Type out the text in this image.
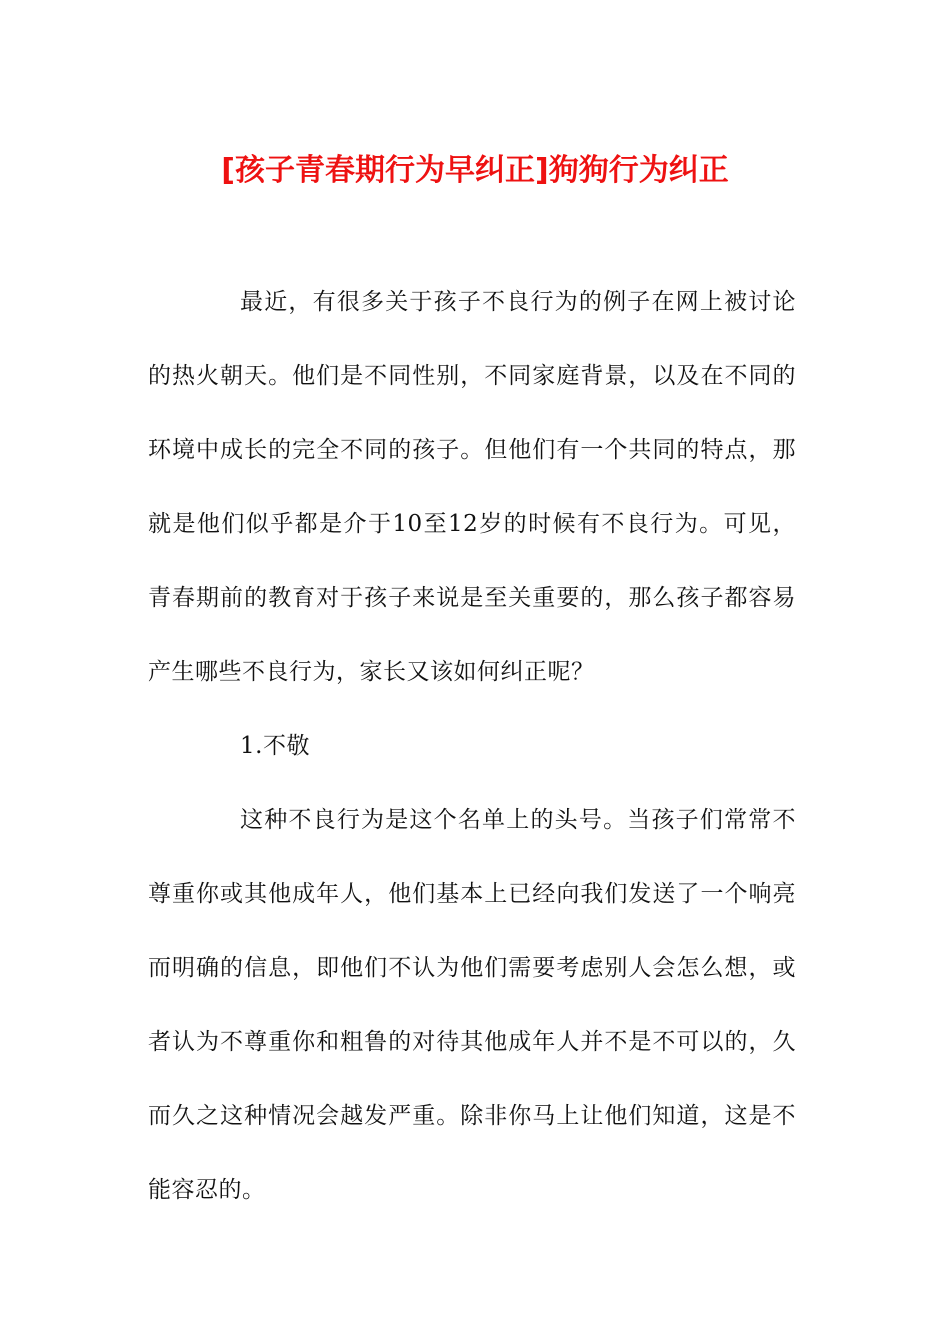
[孩子青春期行为早纠正]狗狗行为纠正
最近，有很多关于孩子不良行为的例子在网上被讨论
的热火朝天。他们是不同性别，不同家庭背景，以及在不同的
环境中成长的完全不同的孩子。但他们有一个共同的特点，那
就是他们似乎都是介于10至12岁的时候有不良行为。可见，
青春期前的教育对于孩子来说是至关重要的，那么孩子都容易
产生哪些不良行为，家长又该如何纠正呢？
1.不敬
这种不良行为是这个名单上的头号。当孩子们常常不
尊重你或其他成年人，他们基本上已经向我们发送了一个响亮
而明确的信息，即他们不认为他们需要考虑别人会怎么想，或
者认为不尊重你和粗鲁的对待其他成年人并不是不可以的，久
而久之这种情况会越发严重。除非你马上让他们知道，这是不
能容忍的。
